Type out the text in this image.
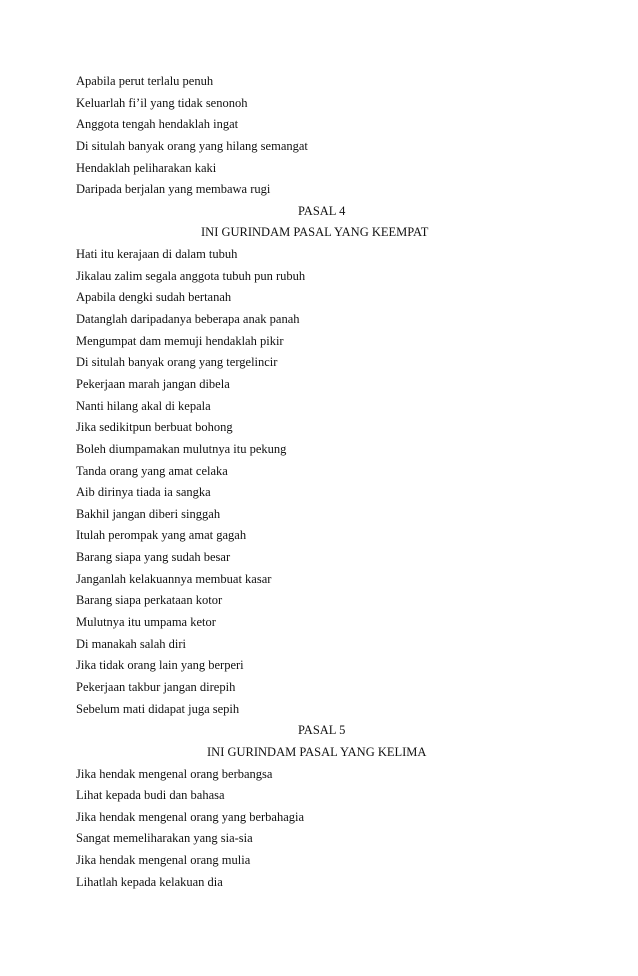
Apabila perut terlalu penuh
Keluarlah fi’il yang tidak senonoh
Anggota tengah hendaklah ingat
Di situlah banyak orang yang hilang semangat
Hendaklah peliharakan kaki
Daripada berjalan yang membawa rugi
PASAL 4
INI GURINDAM PASAL YANG KEEMPAT
Hati itu kerajaan di dalam tubuh
Jikalau zalim segala anggota tubuh pun rubuh
Apabila dengki sudah bertanah
Datanglah daripadanya beberapa anak panah
Mengumpat dam memuji hendaklah pikir
Di situlah banyak orang yang tergelincir
Pekerjaan marah jangan dibela
Nanti hilang akal di kepala
Jika sedikitpun berbuat bohong
Boleh diumpamakan mulutnya itu pekung
Tanda orang yang amat celaka
Aib dirinya tiada ia sangka
Bakhil jangan diberi singgah
Itulah perompak yang amat gagah
Barang siapa yang sudah besar
Janganlah kelakuannya membuat kasar
Barang siapa perkataan kotor
Mulutnya itu umpama ketor
Di manakah salah diri
Jika tidak orang lain yang berperi
Pekerjaan takbur jangan direpih
Sebelum mati didapat juga sepih
PASAL 5
INI GURINDAM PASAL YANG KELIMA
Jika hendak mengenal orang berbangsa
Lihat kepada budi dan bahasa
Jika hendak mengenal orang yang berbahagia
Sangat memeliharakan yang sia-sia
Jika hendak mengenal orang mulia
Lihatlah kepada kelakuan dia
